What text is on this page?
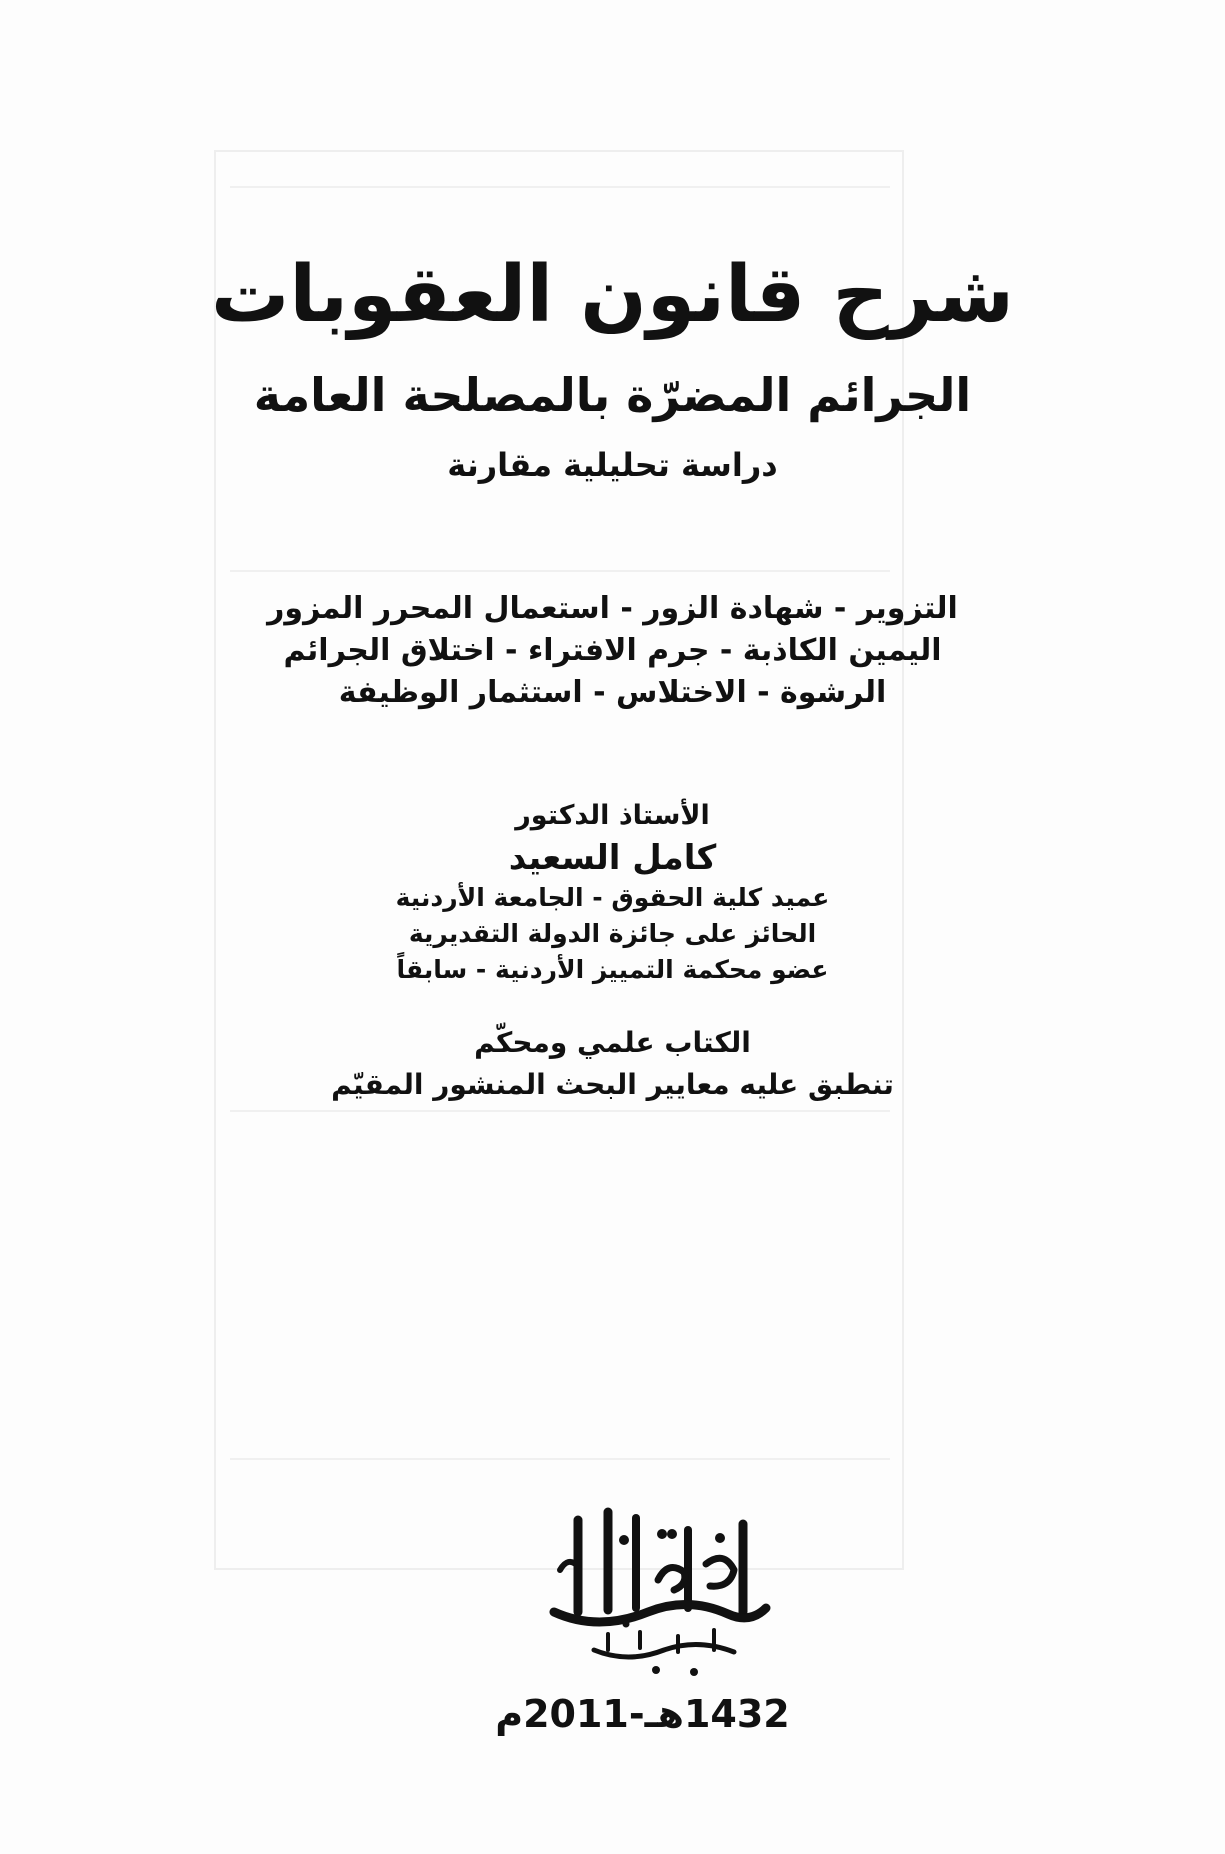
شرح قانون العقوبات
الجرائم المضرّة بالمصلحة العامة
دراسة تحليلية مقارنة
التزوير - شهادة الزور - استعمال المحرر المزور
اليمين الكاذبة - جرم الافتراء - اختلاق الجرائم
الرشوة - الاختلاس - استثمار الوظيفة
الأستاذ الدكتور
كامل السعيد
عميد كلية الحقوق - الجامعة الأردنية
الحائز على جائزة الدولة التقديرية
عضو محكمة التمييز الأردنية - سابقاً
الكتاب علمي ومحكّم
تنطبق عليه معايير البحث المنشور المقيّم
1432هـ-2011م
